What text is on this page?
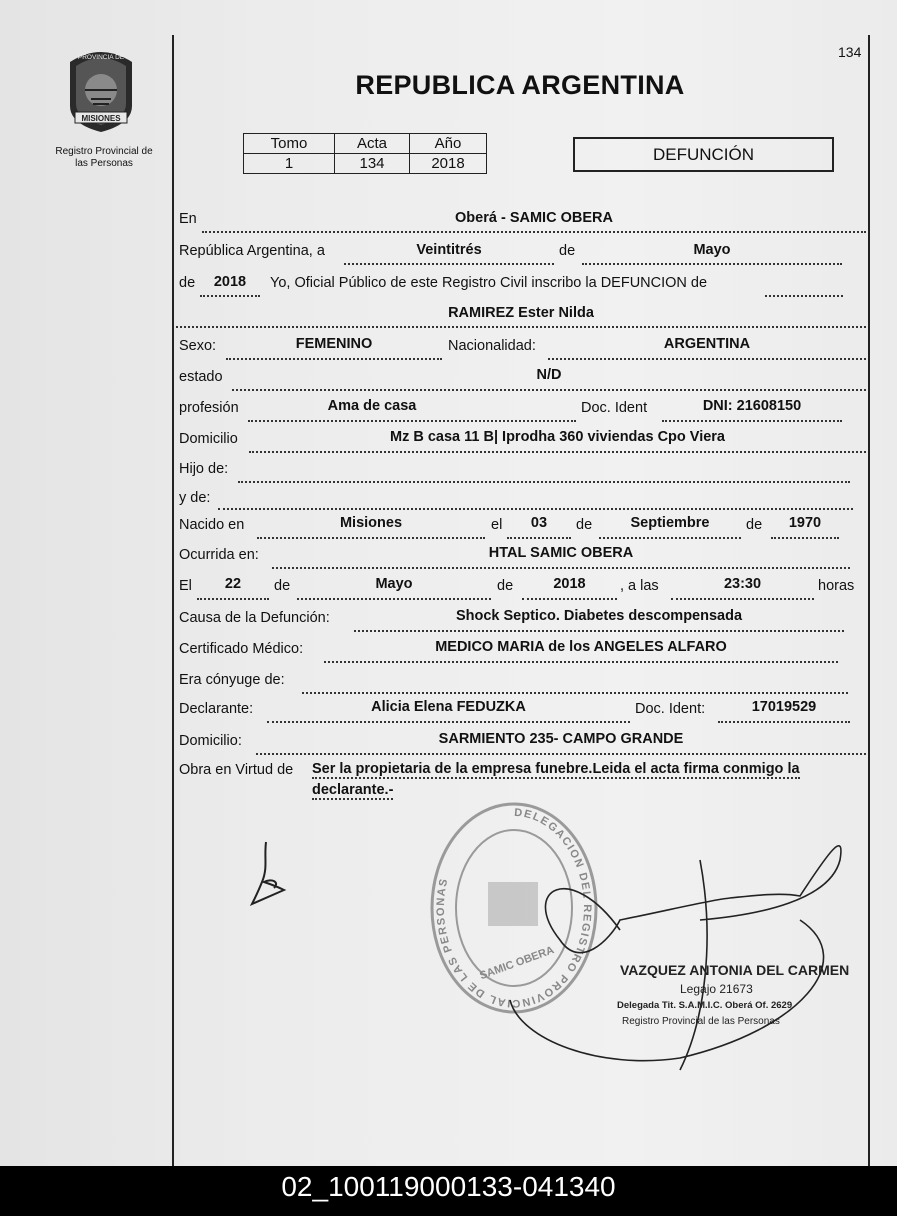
PROVINCIA DE
MISIONES
Registro Provincial de
las Personas
134
REPUBLICA ARGENTINA
Tomo	Acta	Año
1	134	2018	DEFUNCIÓN
En	Oberá - SAMIC OBERA
República Argentina, a	Veintitrés	de	Mayo
de	2018	Yo, Oficial Público de este Registro Civil inscribo la DEFUNCION de
RAMIREZ Ester Nilda
Sexo:	FEMENINO	Nacionalidad:	ARGENTINA
estado	N/D
profesión	Ama de casa	Doc. Ident	DNI: 21608150
Domicilio	Mz B casa 11 B| Iprodha 360 viviendas Cpo Viera
Hijo de:
y de:
Nacido en	Misiones	el	03	de	Septiembre	de	1970
Ocurrida en:	HTAL SAMIC OBERA
El	22	de	Mayo	de	2018	, a las	23:30	horas
Causa de la Defunción:	Shock Septico. Diabetes descompensada
Certificado Médico:	MEDICO MARIA de los ANGELES ALFARO
Era cónyuge de:
Declarante:	Alicia Elena FEDUZKA	Doc. Ident:	17019529
Domicilio:	SARMIENTO 235- CAMPO GRANDE
Obra en Virtud de Ser la propietaria de la empresa funebre.Leida el acta firma conmigo la declarante.-
DELEGACION DEL REGISTRO PROVINCIAL DE LAS PERSONAS
SAMIC OBERA	VAZQUEZ ANTONIA DEL CARMEN
Legajo 21673
Delegada Tit. S.A.M.I.C. Oberá Of. 2629
Registro Provincial de las Personas
02_100119000133-041340
